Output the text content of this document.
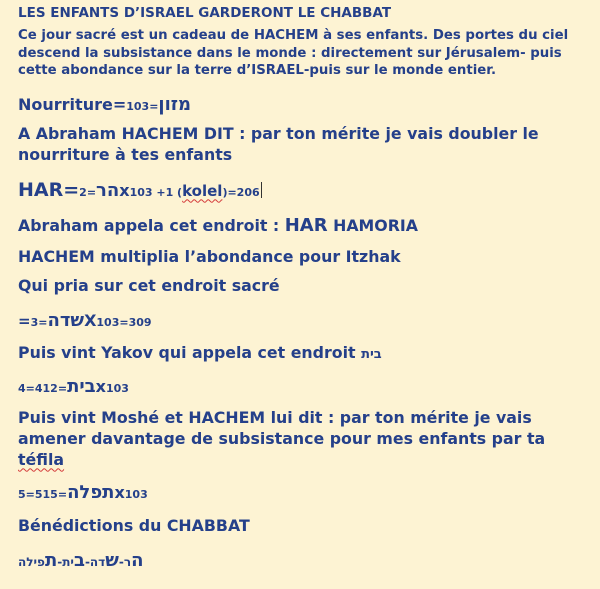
LES ENFANTS D’ISRAEL GARDERONT LE CHABBAT

Ce jour sacré est un cadeau de HACHEM à ses enfants. Des portes du ciel descend la subsistance dans le monde : directement sur Jérusalem- puis cette abondance sur la terre d’ISRAEL-puis sur le monde entier.

Nourriture= מזון=103

A Abraham HACHEM DIT : par ton mérite je vais doubler le nourriture à tes enfants

HAR= הר=2 x103 +1 (kolel)=206

Abraham appela cet endroit : HAR HAMORIA

HACHEM multiplia l’abondance pour Itzhak

Qui pria sur cet endroit sacré

= שדה=3 X103=309

Puis vint Yakov qui appela cet endroit בית

בית=412=4 x103

Puis vint Moshé et HACHEM lui dit : par ton mérite je vais amener davantage de subsistance pour mes enfants par ta téfila

תפלה=515=5	x103

Bénédictions du CHABBAT

הר-שדה-בית-תפילה
